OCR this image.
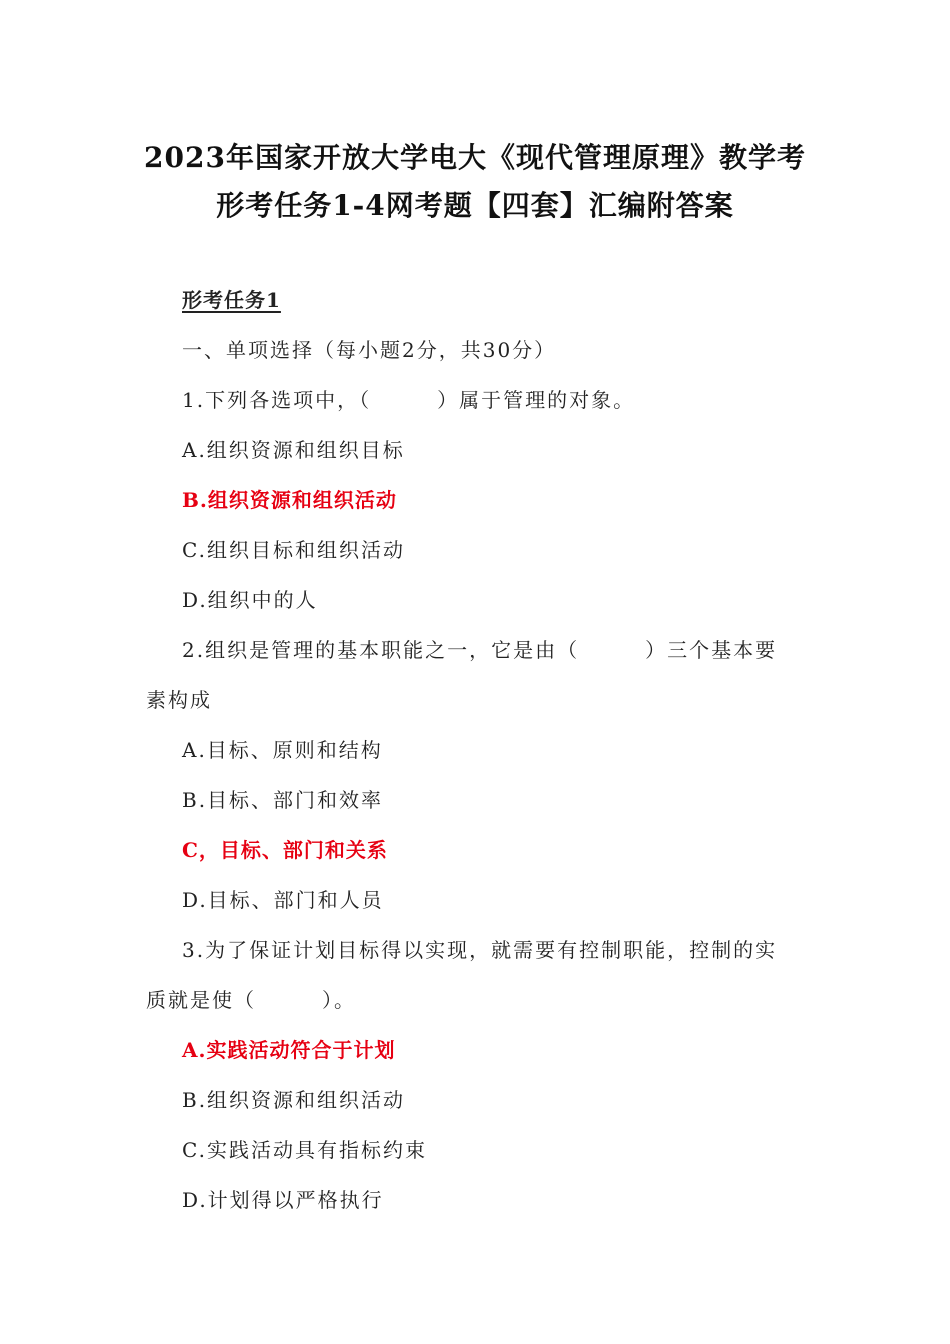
2023年国家开放大学电大《现代管理原理》教学考
形考任务1-4网考题【四套】汇编附答案
形考任务1
一、单项选择（每小题2分，共30分）
1.下列各选项中，（　　　）属于管理的对象。
A.组织资源和组织目标
B.组织资源和组织活动
C.组织目标和组织活动
D.组织中的人
2.组织是管理的基本职能之一，它是由（　　　）三个基本要
素构成
A.目标、原则和结构
B.目标、部门和效率
C，目标、部门和关系
D.目标、部门和人员
3.为了保证计划目标得以实现，就需要有控制职能，控制的实
质就是使（　　　）。
A.实践活动符合于计划
B.组织资源和组织活动
C.实践活动具有指标约束
D.计划得以严格执行
